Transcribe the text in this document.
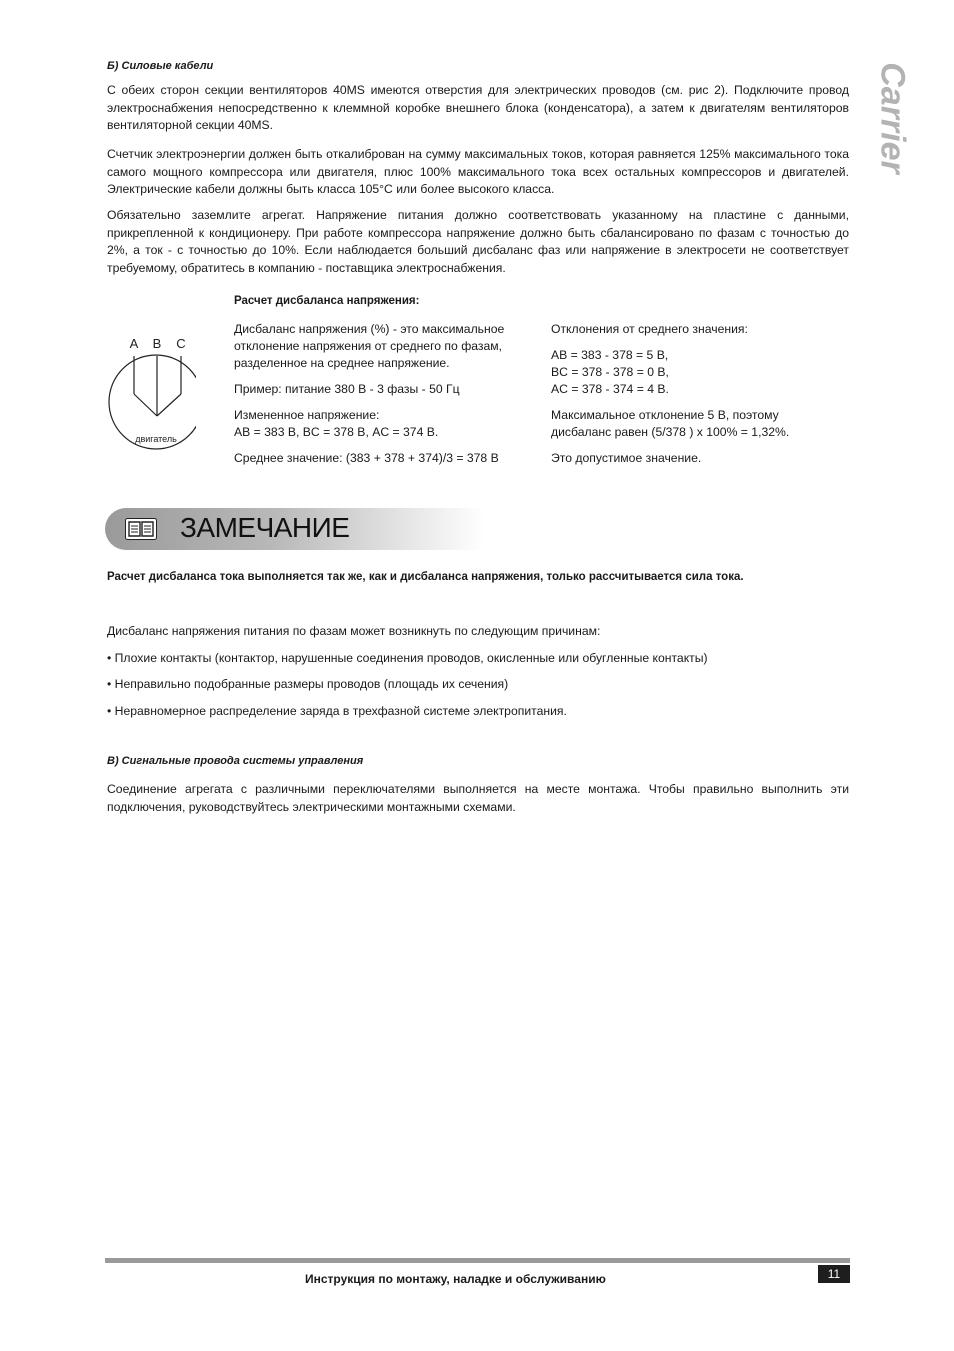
Carrier
Б) Силовые кабели

С обеих сторон секции вентиляторов 40MS имеются отверстия для электрических проводов (см. рис 2). Подключите провод электроснабжения непосредственно к клеммной коробке внешнего блока (конденсатора), а затем к двигателям вентиляторов вентиляторной секции 40MS.

Счетчик электроэнергии должен быть откалиброван на сумму максимальных токов, которая равняется 125% максимального тока самого мощного компрессора или двигателя, плюс 100% максимального тока всех остальных компрессоров и двигателей. Электрические кабели должны быть класса 105°С или более высокого класса.

Обязательно заземлите агрегат. Напряжение питания должно соответствовать указанному на пластине с данными, прикрепленной к кондиционеру. При работе компрессора напряжение должно быть сбалансировано по фазам с точностью до 2%, а ток - с точностью до 10%. Если наблюдается больший дисбаланс фаз или напряжение в электросети не соответствует требуемому, обратитесь в компанию - поставщика электроснабжения.

Расчет дисбаланса напряжения:
A B C
двигатель

Дисбаланс напряжения (%) - это максимальное отклонение напряжения от среднего по фазам, разделенное на среднее напряжение.

Пример: питание 380 В - 3 фазы - 50 Гц

Измененное напряжение:
AB = 383 В, BC = 378 В, AC = 374 В.

Среднее значение: (383 + 378 + 374)/3 = 378 В

Отклонения от среднего значения:

AB = 383 - 378 = 5 В,
BC = 378 - 378 = 0 В,
AC = 378 - 374 = 4 В.

Максимальное отклонение 5 В, поэтому
дисбаланс равен (5/378 ) x 100% = 1,32%.

Это допустимое значение.

ЗАМЕЧАНИЕ
Расчет дисбаланса тока выполняется так же, как и дисбаланса напряжения, только рассчитывается сила тока.
Дисбаланс напряжения питания по фазам может возникнуть по следующим причинам:
• Плохие контакты (контактор, нарушенные соединения проводов, окисленные или обугленные контакты)
• Неправильно подобранные размеры проводов (площадь их сечения)
• Неравномерное распределение заряда в трехфазной системе электропитания.
В) Сигнальные провода системы управления

Соединение агрегата с различными переключателями выполняется на месте монтажа. Чтобы правильно выполнить эти подключения, руководствуйтесь электрическими монтажными схемами.

Инструкция по монтажу, наладке и обслуживанию	11
